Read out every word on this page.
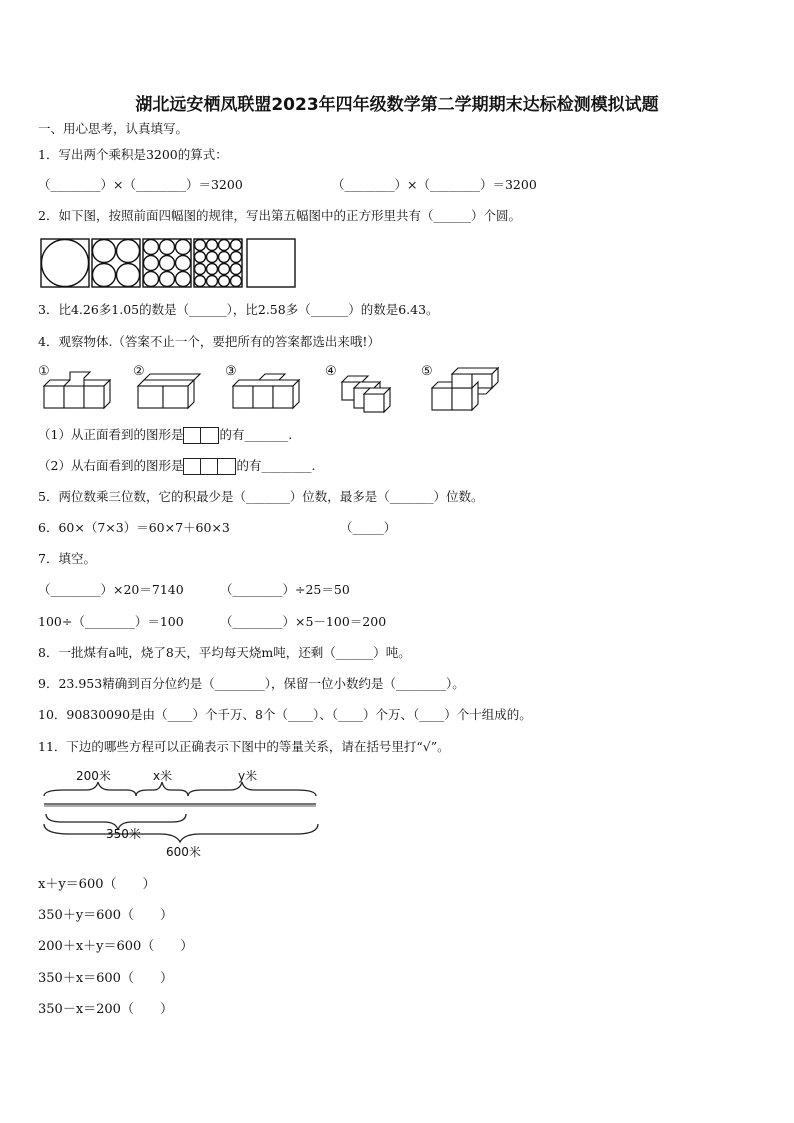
湖北远安栖凤联盟2023年四年级数学第二学期期末达标检测模拟试题
一、用心思考，认真填写。
1．写出两个乘积是3200的算式：
（________）×（________）＝3200	（________）×（________）＝3200
2．如下图，按照前面四幅图的规律，写出第五幅图中的正方形里共有（______）个圆。
3．比4.26多1.05的数是（______），比2.58多（______）的数是6.43。
4．观察物体.（答案不止一个，要把所有的答案都选出来哦!）
①	②	③	④	⑤
（1）从正面看到的图形是	的有_______.
（2）从右面看到的图形是	的有________.
5．两位数乘三位数，它的积最少是（_______）位数，最多是（_______）位数。
6．60×（7×3）＝60×7＋60×3	（_____）
7．填空。
（________）×20＝7140	（________）÷25＝50
100÷（________）＝100	（________）×5－100＝200
8．一批煤有a吨，烧了8天，平均每天烧m吨，还剩（______）吨。
9．23.953精确到百分位约是（________），保留一位小数约是（________）。
10．90830090是由（____）个千万、8个（____）、（____）个万、（____）个十组成的。
11．下边的哪些方程可以正确表示下图中的等量关系，请在括号里打“√”。
200米	x米	y米
350米
600米
x＋y＝600（　　）
350＋y＝600（　　）
200＋x＋y＝600（　　）
350＋x＝600（　　）
350－x＝200（　　）
